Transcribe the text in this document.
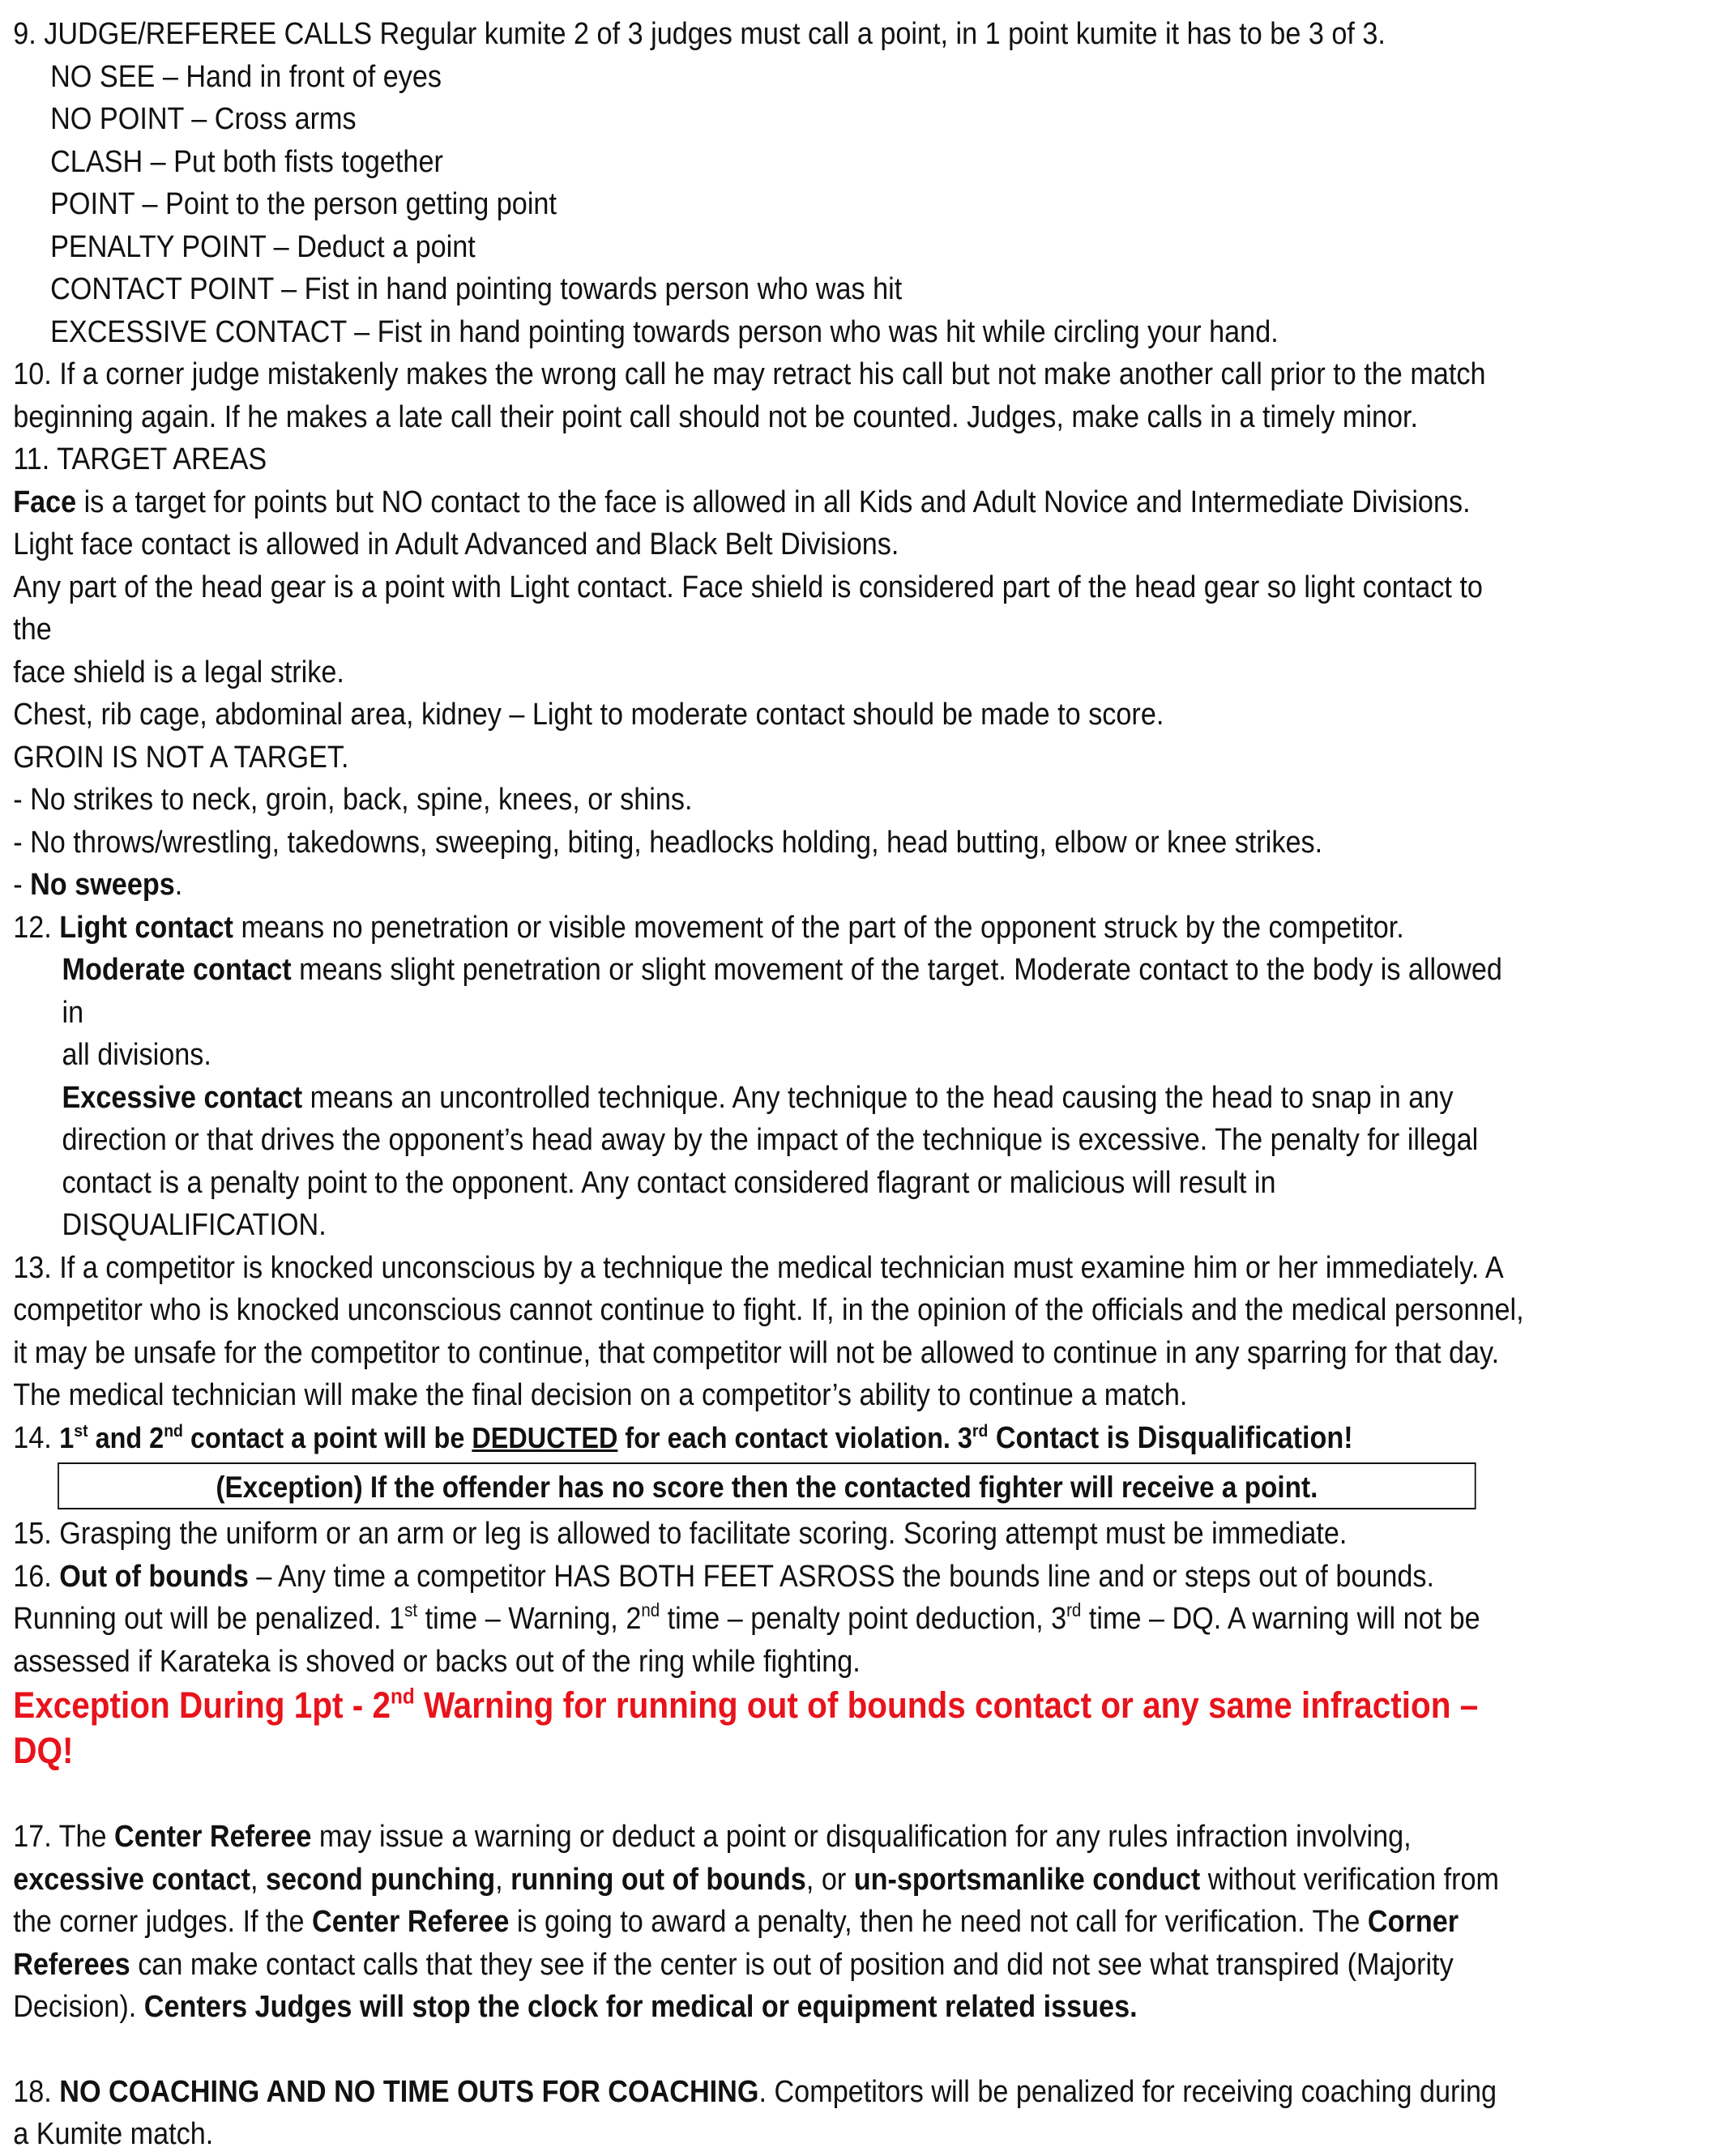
9. JUDGE/REFEREE CALLS Regular kumite 2 of 3 judges must call a point, in 1 point kumite it has to be 3 of 3.

NO SEE – Hand in front of eyes

NO POINT – Cross arms

CLASH – Put both fists together

POINT – Point to the person getting point

PENALTY POINT – Deduct a point

CONTACT POINT – Fist in hand pointing towards person who was hit

EXCESSIVE CONTACT – Fist in hand pointing towards person who was hit while circling your hand.

10. If a corner judge mistakenly makes the wrong call he may retract his call but not make another call prior to the match

beginning again. If he makes a late call their point call should not be counted. Judges, make calls in a timely minor.

11. TARGET AREAS

Face is a target for points but NO contact to the face is allowed in all Kids and Adult Novice and Intermediate Divisions.

Light face contact is allowed in Adult Advanced and Black Belt Divisions.

Any part of the head gear is a point with Light contact. Face shield is considered part of the head gear so light contact to the

face shield is a legal strike.

Chest, rib cage, abdominal area, kidney – Light to moderate contact should be made to score.

GROIN IS NOT A TARGET.

- No strikes to neck, groin, back, spine, knees, or shins.

- No throws/wrestling, takedowns, sweeping, biting, headlocks holding, head butting, elbow or knee strikes.

- No sweeps.

12. Light contact means no penetration or visible movement of the part of the opponent struck by the competitor.

Moderate contact means slight penetration or slight movement of the target. Moderate contact to the body is allowed in

all divisions.

Excessive contact means an uncontrolled technique. Any technique to the head causing the head to snap in any

direction or that drives the opponent’s head away by the impact of the technique is excessive. The penalty for illegal

contact is a penalty point to the opponent. Any contact considered flagrant or malicious will result in

DISQUALIFICATION.

13. If a competitor is knocked unconscious by a technique the medical technician must examine him or her immediately. A

competitor who is knocked unconscious cannot continue to fight. If, in the opinion of the officials and the medical personnel,

it may be unsafe for the competitor to continue, that competitor will not be allowed to continue in any sparring for that day.

The medical technician will make the final decision on a competitor’s ability to continue a match.

14. 1st and 2nd contact a point will be DEDUCTED for each contact violation. 3rd Contact is Disqualification!

(Exception) If the offender has no score then the contacted fighter will receive a point.

15. Grasping the uniform or an arm or leg is allowed to facilitate scoring. Scoring attempt must be immediate.

16. Out of bounds – Any time a competitor HAS BOTH FEET ASROSS the bounds line and or steps out of bounds.

Running out will be penalized. 1st time – Warning, 2nd time – penalty point deduction, 3rd time – DQ. A warning will not be

assessed if Karateka is shoved or backs out of the ring while fighting.

Exception During 1pt - 2nd Warning for running out of bounds contact or any same infraction – DQ!

17. The Center Referee may issue a warning or deduct a point or disqualification for any rules infraction involving,

excessive contact, second punching, running out of bounds, or un-sportsmanlike conduct without verification from

the corner judges. If the Center Referee is going to award a penalty, then he need not call for verification. The Corner

Referees can make contact calls that they see if the center is out of position and did not see what transpired (Majority

Decision). Centers Judges will stop the clock for medical or equipment related issues.

18. NO COACHING AND NO TIME OUTS FOR COACHING. Competitors will be penalized for receiving coaching during

a Kumite match.
